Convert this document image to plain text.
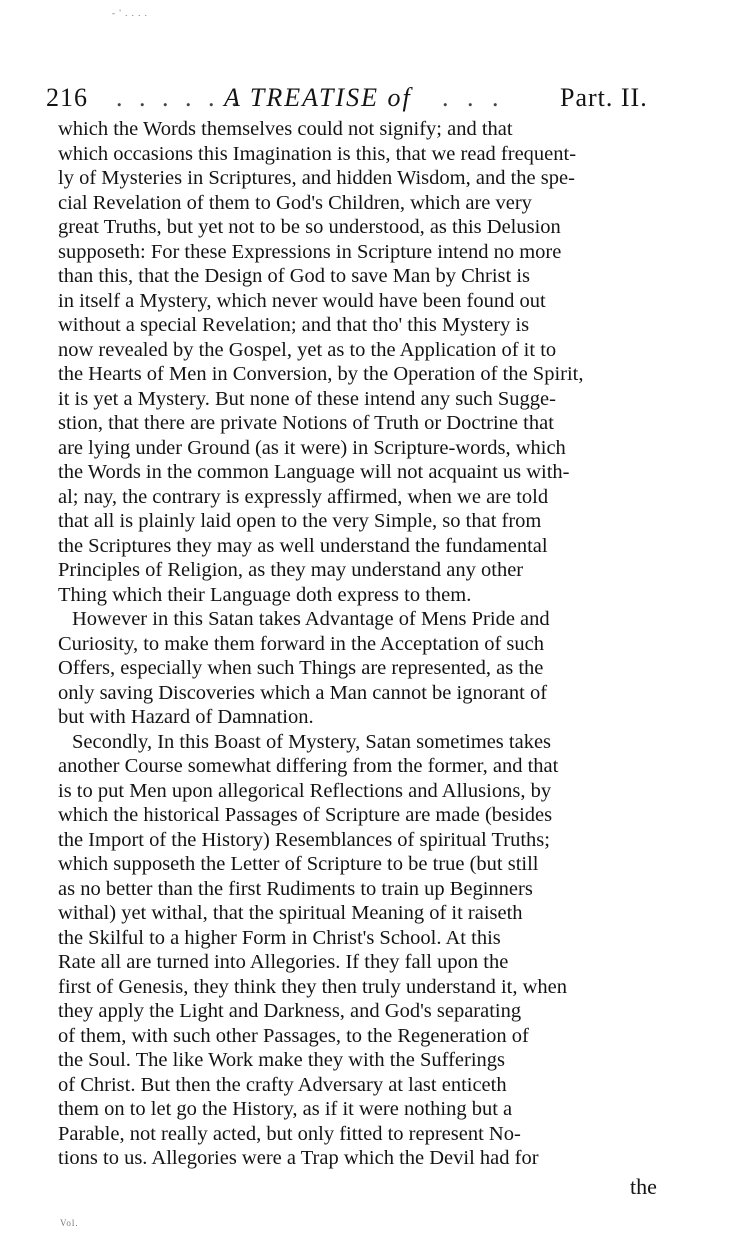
- ' . . . .
216 . . . . . .
A TREATISE of . . . Part. II.
which the Words themselves could not signify; and that
which occasions this Imagination is this, that we read frequent-
ly of Mysteries in Scriptures, and hidden Wisdom, and the spe-
cial Revelation of them to God's Children, which are very
great Truths, but yet not to be so understood, as this Delusion
supposeth: For these Expressions in Scripture intend no more
than this, that the Design of God to save Man by Christ is
in itself a Mystery, which never would have been found out
without a special Revelation; and that tho' this Mystery is
now revealed by the Gospel, yet as to the Application of it to
the Hearts of Men in Conversion, by the Operation of the Spirit,
it is yet a Mystery. But none of these intend any such Sugge-
stion, that there are private Notions of Truth or Doctrine that
are lying under Ground (as it were) in Scripture-words, which
the Words in the common Language will not acquaint us with-
al; nay, the contrary is expressly affirmed, when we are told
that all is plainly laid open to the very Simple, so that from
the Scriptures they may as well understand the fundamental
Principles of Religion, as they may understand any other
Thing which their Language doth express to them.
However in this Satan takes Advantage of Mens Pride and
Curiosity, to make them forward in the Acceptation of such
Offers, especially when such Things are represented, as the
only saving Discoveries which a Man cannot be ignorant of
but with Hazard of Damnation.
Secondly, In this Boast of Mystery, Satan sometimes takes
another Course somewhat differing from the former, and that
is to put Men upon allegorical Reflections and Allusions, by
which the historical Passages of Scripture are made (besides
the Import of the History) Resemblances of spiritual Truths;
which supposeth the Letter of Scripture to be true (but still
as no better than the first Rudiments to train up Beginners
withal) yet withal, that the spiritual Meaning of it raiseth
the Skilful to a higher Form in Christ's School. At this
Rate all are turned into Allegories. If they fall upon the
first of Genesis, they think they then truly understand it, when
they apply the Light and Darkness, and God's separating
of them, with such other Passages, to the Regeneration of
the Soul. The like Work make they with the Sufferings
of Christ. But then the crafty Adversary at last enticeth
them on to let go the History, as if it were nothing but a
Parable, not really acted, but only fitted to represent No-
tions to us. Allegories were a Trap which the Devil had for
the
Vol.
